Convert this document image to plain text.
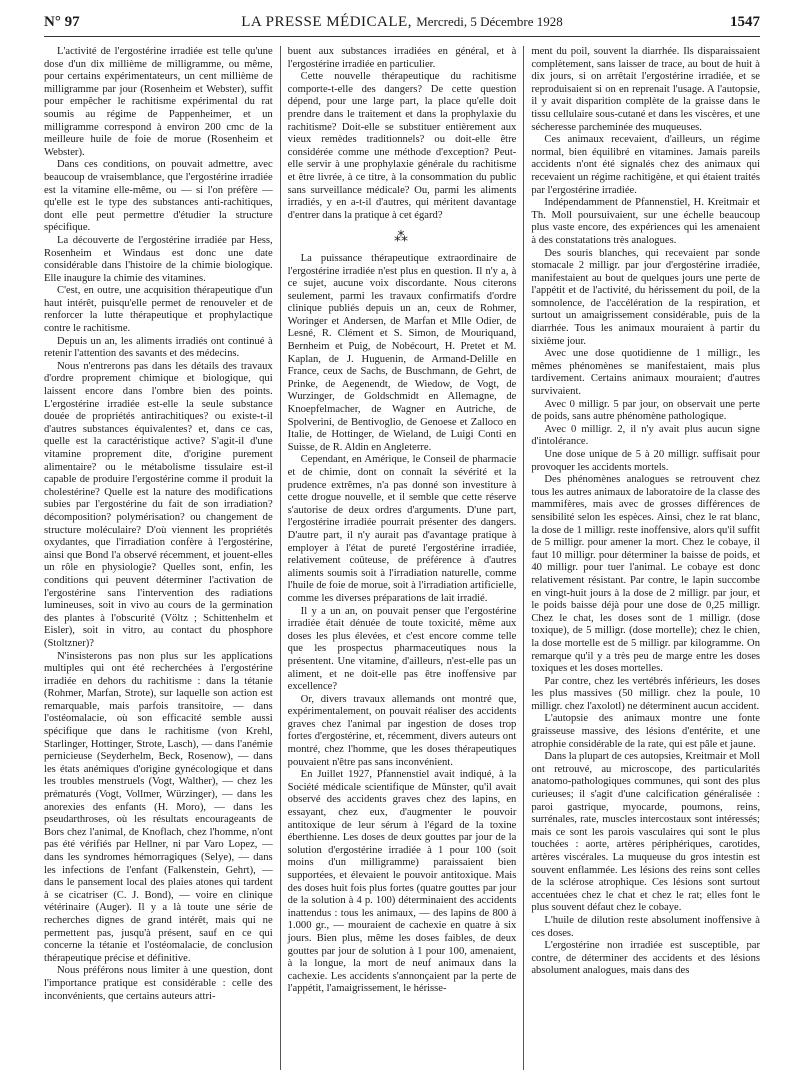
N° 97	LA PRESSE MÉDICALE, Mercredi, 5 Décembre 1928	1547

L'activité de l'ergostérine irradiée est telle qu'une dose d'un dix millième de milligramme, ou même, pour certains expérimentateurs, un cent millième de milligramme par jour (Rosenheim et Webster), suffit pour empêcher le rachitisme expérimental du rat soumis au régime de Pappenheimer, et un milligramme correspond à environ 200 cmc de la meilleure huile de foie de morue (Rosenheim et Webster).

Dans ces conditions, on pouvait admettre, avec beaucoup de vraisemblance, que l'ergostérine irradiée est la vitamine elle-même, ou — si l'on préfère — qu'elle est le type des substances anti-rachitiques, dont elle peut permettre d'étudier la structure spécifique.

La découverte de l'ergostérine irradiée par Hess, Rosenheim et Windaus est donc une date considérable dans l'histoire de la chimie biologique. Elle inaugure la chimie des vitamines.

C'est, en outre, une acquisition thérapeutique d'un haut intérêt, puisqu'elle permet de renouveler et de renforcer la lutte thérapeutique et prophylactique contre le rachitisme.

Depuis un an, les aliments irradiés ont continué à retenir l'attention des savants et des médecins.

Nous n'entrerons pas dans les détails des travaux d'ordre proprement chimique et biologique, qui laissent encore dans l'ombre bien des points. L'ergostérine irradiée est-elle la seule substance douée de propriétés antirachitiques? ou existe-t-il d'autres substances équivalentes? et, dans ce cas, quelle est la caractéristique active? S'agit-il d'une vitamine proprement dite, d'origine purement alimentaire? ou le métabolisme tissulaire est-il capable de produire l'ergostérine comme il produit la cholestérine? Quelle est la nature des modifications subies par l'ergostérine du fait de son irradiation? décomposition? polymérisation? ou changement de structure moléculaire? D'où viennent les propriétés oxydantes, que l'irradiation confère à l'ergostérine, ainsi que Bond l'a observé récemment, et jouent-elles un rôle en physiologie? Quelles sont, enfin, les conditions qui peuvent déterminer l'activation de l'ergostérine sans l'intervention des radiations lumineuses, soit in vivo au cours de la germination des plantes à l'obscurité (Völtz ; Schittenhelm et Eisler), soit in vitro, au contact du phosphore (Stoltzner)?

N'insisterons pas non plus sur les applications multiples qui ont été recherchées à l'ergostérine irradiée en dehors du rachitisme : dans la tétanie (Rohmer, Marfan, Strote), sur laquelle son action est remarquable, mais parfois transitoire, — dans l'ostéomalacie, où son efficacité semble aussi spécifique que dans le rachitisme (von Krehl, Starlinger, Hottinger, Strote, Lasch), — dans l'anémie pernicieuse (Seyderhelm, Beck, Rosenow), — dans les états anémiques d'origine gynécologique et dans les troubles menstruels (Vogt, Walther), — chez les prématurés (Vogt, Vollmer, Würzinger), — dans les anorexies des enfants (H. Moro), — dans les pseudarthroses, où les résultats encourageants de Bors chez l'animal, de Knoflach, chez l'homme, n'ont pas été vérifiés par Hellner, ni par Varo Lopez, — dans les syndromes hémorragiques (Selye), — dans les infections de l'enfant (Falkenstein, Gehrt), — dans le pansement local des plaies atones qui tardent à se cicatriser (C. J. Bond), — voire en clinique vétérinaire (Auger). Il y a là toute une série de recherches dignes de grand intérêt, mais qui ne permettent pas, jusqu'à présent, sauf en ce qui concerne la tétanie et l'ostéomalacie, de conclusion thérapeutique précise et définitive.

Nous préférons nous limiter à une question, dont l'importance pratique est considérable : celle des inconvénients, que certains auteurs attri-

buent aux substances irradiées en général, et à l'ergostérine irradiée en particulier.

Cette nouvelle thérapeutique du rachitisme comporte-t-elle des dangers? De cette question dépend, pour une large part, la place qu'elle doit prendre dans le traitement et dans la prophylaxie du rachitisme? Doit-elle se substituer entièrement aux vieux remèdes traditionnels? ou doit-elle être considérée comme une méthode d'exception? Peut-elle servir à une prophylaxie générale du rachitisme et être livrée, à ce titre, à la consommation du public sans surveillance médicale? Ou, parmi les aliments irradiés, y en a-t-il d'autres, qui méritent davantage d'entrer dans la pratique à cet égard?

⁂

La puissance thérapeutique extraordinaire de l'ergostérine irradiée n'est plus en question. Il n'y a, à ce sujet, aucune voix discordante. Nous citerons seulement, parmi les travaux confirmatifs d'ordre clinique publiés depuis un an, ceux de Rohmer, Woringer et Andersen, de Marfan et Mlle Odier, de Lesné, R. Clément et S. Simon, de Mouriquand, Bernheim et Puig, de Nobécourt, H. Pretet et M. Kaplan, de J. Huguenin, de Armand-Delille en France, ceux de Sachs, de Buschmann, de Gehrt, de Prinke, de Aegenendt, de Wiedow, de Vogt, de Wurzinger, de Goldschmidt en Allemagne, de Knoepfelmacher, de Wagner en Autriche, de Spolverini, de Bentivoglio, de Genoese et Zalloco en Italie, de Hottinger, de Wieland, de Luigi Conti en Suisse, de R. Aldin en Angleterre.

Cependant, en Amérique, le Conseil de pharmacie et de chimie, dont on connaît la sévérité et la prudence extrêmes, n'a pas donné son investiture à cette drogue nouvelle, et il semble que cette réserve s'autorise de deux ordres d'arguments. D'une part, l'ergostérine irradiée pourrait présenter des dangers. D'autre part, il n'y aurait pas d'avantage pratique à employer à l'état de pureté l'ergostérine irradiée, relativement coûteuse, de préférence à d'autres aliments soumis soit à l'irradiation naturelle, comme l'huile de foie de morue, soit à l'irradiation artificielle, comme les diverses préparations de lait irradié.

Il y a un an, on pouvait penser que l'ergostérine irradiée était dénuée de toute toxicité, même aux doses les plus élevées, et c'est encore comme telle que les prospectus pharmaceutiques nous la présentent. Une vitamine, d'ailleurs, n'est-elle pas un aliment, et ne doit-elle pas être inoffensive par excellence?

Or, divers travaux allemands ont montré que, expérimentalement, on pouvait réaliser des accidents graves chez l'animal par ingestion de doses trop fortes d'ergostérine, et, récemment, divers auteurs ont montré, chez l'homme, que les doses thérapeutiques pouvaient n'être pas sans inconvénient.

En Juillet 1927, Pfannenstiel avait indiqué, à la Société médicale scientifique de Münster, qu'il avait observé des accidents graves chez des lapins, en essayant, chez eux, d'augmenter le pouvoir antitoxique de leur sérum à l'égard de la toxine éberthienne. Les doses de deux gouttes par jour de la solution d'ergostérine irradiée à 1 pour 100 (soit moins d'un milligramme) paraissaient bien supportées, et élevaient le pouvoir antitoxique. Mais des doses huit fois plus fortes (quatre gouttes par jour de la solution à 4 p. 100) déterminaient des accidents inattendus : tous les animaux, — des lapins de 800 à 1.000 gr., — mouraient de cachexie en quatre à six jours. Bien plus, même les doses faibles, de deux gouttes par jour de solution à 1 pour 100, amenaient, à la longue, la mort de neuf animaux dans la cachexie. Les accidents s'annonçaient par la perte de l'appétit, l'amaigrissement, le hérisse-

ment du poil, souvent la diarrhée. Ils disparaissaient complètement, sans laisser de trace, au bout de huit à dix jours, si on arrêtait l'ergostérine irradiée, et se reproduisaient si on en reprenait l'usage. A l'autopsie, il y avait disparition complète de la graisse dans le tissu cellulaire sous-cutané et dans les viscères, et une sécheresse parcheminée des muqueuses.

Ces animaux recevaient, d'ailleurs, un régime normal, bien équilibré en vitamines. Jamais pareils accidents n'ont été signalés chez des animaux qui recevaient un régime rachitigène, et qui étaient traités par l'ergostérine irradiée.

Indépendamment de Pfannenstiel, H. Kreitmair et Th. Moll poursuivaient, sur une échelle beaucoup plus vaste encore, des expériences qui les amenaient à des constatations très analogues.

Des souris blanches, qui recevaient par sonde stomacale 2 milligr. par jour d'ergostérine irradiée, manifestaient au bout de quelques jours une perte de l'appétit et de l'activité, du hérissement du poil, de la somnolence, de l'accélération de la respiration, et surtout un amaigrissement considérable, puis de la diarrhée. Tous les animaux mouraient à partir du sixième jour.

Avec une dose quotidienne de 1 milligr., les mêmes phénomènes se manifestaient, mais plus tardivement. Certains animaux mouraient; d'autres survivaient.

Avec 0 milligr. 5 par jour, on observait une perte de poids, sans autre phénomène pathologique.

Avec 0 milligr. 2, il n'y avait plus aucun signe d'intolérance.

Une dose unique de 5 à 20 milligr. suffisait pour provoquer les accidents mortels.

Des phénomènes analogues se retrouvent chez tous les autres animaux de laboratoire de la classe des mammifères, mais avec de grosses différences de sensibilité selon les espèces. Ainsi, chez le rat blanc, la dose de 1 milligr. reste inoffensive, alors qu'il suffit de 5 milligr. pour amener la mort. Chez le cobaye, il faut 10 milligr. pour déterminer la baisse de poids, et 40 milligr. pour tuer l'animal. Le cobaye est donc relativement résistant. Par contre, le lapin succombe en vingt-huit jours à la dose de 2 milligr. par jour, et le poids baisse déjà pour une dose de 0,25 milligr. Chez le chat, les doses sont de 1 milligr. (dose toxique), de 5 milligr. (dose mortelle); chez le chien, la dose mortelle est de 5 milligr. par kilogramme. On remarque qu'il y a très peu de marge entre les doses toxiques et les doses mortelles.

Par contre, chez les vertébrés inférieurs, les doses les plus massives (50 milligr. chez la poule, 10 milligr. chez l'axolotl) ne déterminent aucun accident.

L'autopsie des animaux montre une fonte graisseuse massive, des lésions d'entérite, et une atrophie considérable de la rate, qui est pâle et jaune.

Dans la plupart de ces autopsies, Kreitmair et Moll ont retrouvé, au microscope, des particularités anatomo-pathologiques communes, qui sont des plus curieuses; il s'agit d'une calcification généralisée : paroi gastrique, myocarde, poumons, reins, surrénales, rate, muscles intercostaux sont intéressés; mais ce sont les parois vasculaires qui sont le plus touchées : aorte, artères périphériques, carotides, artères viscérales. La muqueuse du gros intestin est souvent enflammée. Les lésions des reins sont celles de la sclérose atrophique. Ces lésions sont surtout accentuées chez le chat et chez le rat; elles font le plus souvent défaut chez le cobaye.

L'huile de dilution reste absolument inoffensive à ces doses.

L'ergostérine non irradiée est susceptible, par contre, de déterminer des accidents et des lésions absolument analogues, mais dans des
